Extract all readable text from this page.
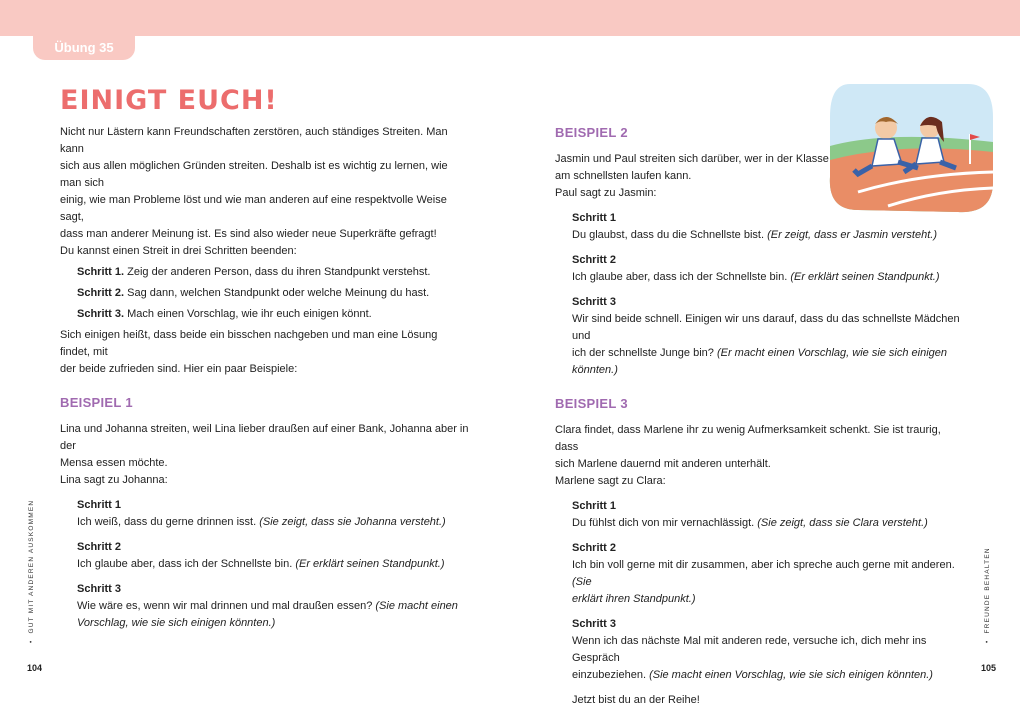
Übung 35
EINIGT EUCH!

Nicht nur Lästern kann Freundschaften zerstören, auch ständiges Streiten. Man kann

sich aus allen möglichen Gründen streiten. Deshalb ist es wichtig zu lernen, wie man sich

einig, wie man Probleme löst und wie man anderen auf eine respektvolle Weise sagt,

dass man anderer Meinung ist. Es sind also wieder neue Superkräfte gefragt!

Du kannst einen Streit in drei Schritten beenden:

Schritt 1. Zeig der anderen Person, dass du ihren Standpunkt verstehst.

Schritt 2. Sag dann, welchen Standpunkt oder welche Meinung du hast.

Schritt 3. Mach einen Vorschlag, wie ihr euch einigen könnt.

Sich einigen heißt, dass beide ein bisschen nachgeben und man eine Lösung findet, mit

der beide zufrieden sind. Hier ein paar Beispiele:

BEISPIEL 1

Lina und Johanna streiten, weil Lina lieber draußen auf einer Bank, Johanna aber in der

Mensa essen möchte.

Lina sagt zu Johanna:

Schritt 1

Ich weiß, dass du gerne drinnen isst. (Sie zeigt, dass sie Johanna versteht.)

Schritt 2

Ich glaube aber, dass ich der Schnellste bin. (Er erklärt seinen Standpunkt.)

Schritt 3

Wie wäre es, wenn wir mal drinnen und mal draußen essen? (Sie macht einen

Vorschlag, wie sie sich einigen könnten.)

•  GUT MIT ANDEREN AUSKOMMEN
104

BEISPIEL 2

Jasmin und Paul streiten sich darüber, wer in der Klasse

am schnellsten laufen kann.

Paul sagt zu Jasmin:

Schritt 1

Du glaubst, dass du die Schnellste bist. (Er zeigt, dass er Jasmin versteht.)

Schritt 2

Ich glaube aber, dass ich der Schnellste bin. (Er erklärt seinen Standpunkt.)

Schritt 3

Wir sind beide schnell. Einigen wir uns darauf, dass du das schnellste Mädchen und

ich der schnellste Junge bin? (Er macht einen Vorschlag, wie sie sich einigen könnten.)

BEISPIEL 3

Clara findet, dass Marlene ihr zu wenig Aufmerksamkeit schenkt. Sie ist traurig, dass

sich Marlene dauernd mit anderen unterhält.

Marlene sagt zu Clara:

Schritt 1

Du fühlst dich von mir vernachlässigt. (Sie zeigt, dass sie Clara versteht.)

Schritt 2

Ich bin voll gerne mit dir zusammen, aber ich spreche auch gerne mit anderen. (Sie

erklärt ihren Standpunkt.)

Schritt 3

Wenn ich das nächste Mal mit anderen rede, versuche ich, dich mehr ins Gespräch

einzubeziehen. (Sie macht einen Vorschlag, wie sie sich einigen könnten.)

Jetzt bist du an der Reihe!

•  FREUNDE BEHALTEN
105
